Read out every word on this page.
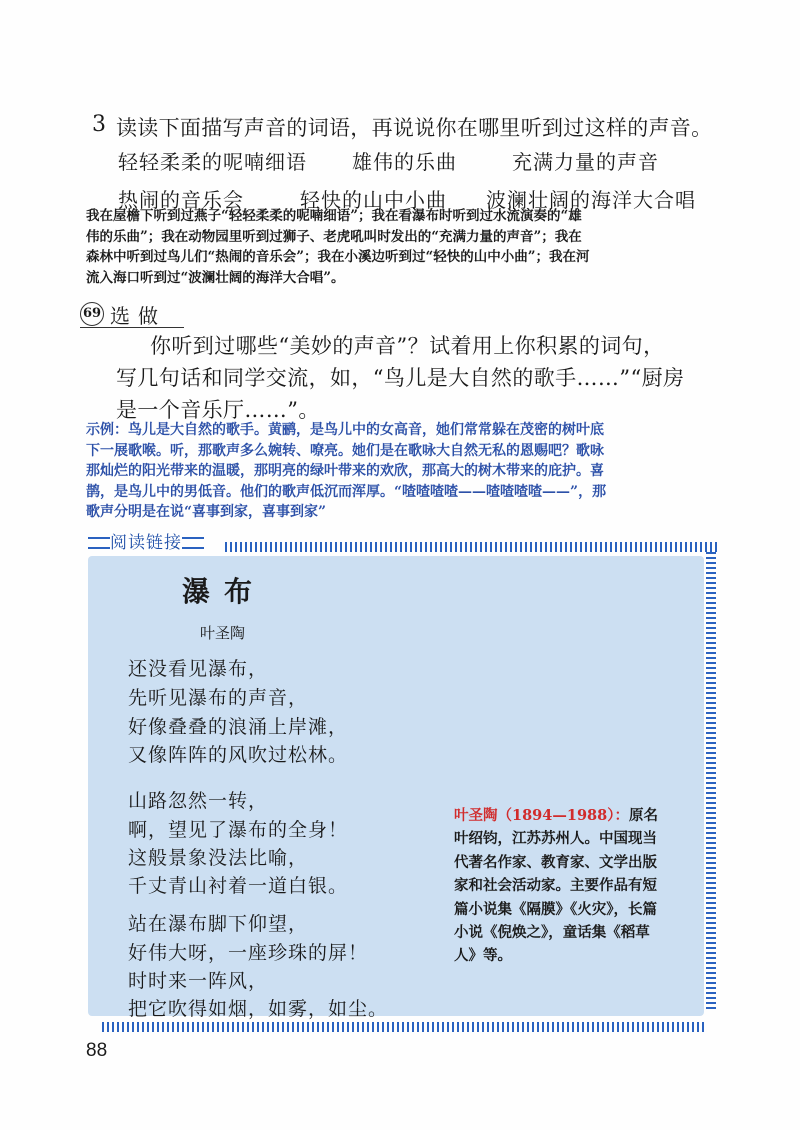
3 读读下面描写声音的词语，再说说你在哪里听到过这样的声音。
轻轻柔柔的呢喃细语 雄伟的乐曲	充满力量的声音
热闹的音乐会	轻快的山中小曲 波澜壮阔的海洋大合唱
我在屋檐下听到过燕子“轻轻柔柔的呢喃细语”；我在看瀑布时听到过水流演奏的“雄
伟的乐曲”；我在动物园里听到过狮子、老虎吼叫时发出的“充满力量的声音”；我在
森林中听到过鸟儿们“热闹的音乐会”；我在小溪边听到过“轻快的山中小曲”；我在河
流入海口听到过“波澜壮阔的海洋大合唱”。
69 选做
你听到过哪些“美妙的声音”？试着用上你积累的词句，
写几句话和同学交流，如，“鸟儿是大自然的歌手……”“厨房
是一个音乐厅……”。
示例：鸟儿是大自然的歌手。黄鹂，是鸟儿中的女高音，她们常常躲在茂密的树叶底
下一展歌喉。听，那歌声多么婉转、嘹亮。她们是在歌咏大自然无私的恩赐吧？歌咏
那灿烂的阳光带来的温暖，那明亮的绿叶带来的欢欣，那高大的树木带来的庇护。喜
鹊，是鸟儿中的男低音。他们的歌声低沉而浑厚。“喳喳喳喳——喳喳喳喳——”，那
歌声分明是在说“喜事到家，喜事到家”
阅读链接
瀑布
叶圣陶
还没看见瀑布，
先听见瀑布的声音，
好像叠叠的浪涌上岸滩，
又像阵阵的风吹过松林。
山路忽然一转，
啊，望见了瀑布的全身！
这般景象没法比喻，
千丈青山衬着一道白银。
站在瀑布脚下仰望，
好伟大呀，一座珍珠的屏！
时时来一阵风，
把它吹得如烟，如雾，如尘。
叶圣陶（1894—1988）：原名叶绍钧，江苏苏州人。中国现当代著名作家、教育家、文学出版家和社会活动家。主要作品有短篇小说集《隔膜》《火灾》，长篇小说《倪焕之》，童话集《稻草人》等。
88
